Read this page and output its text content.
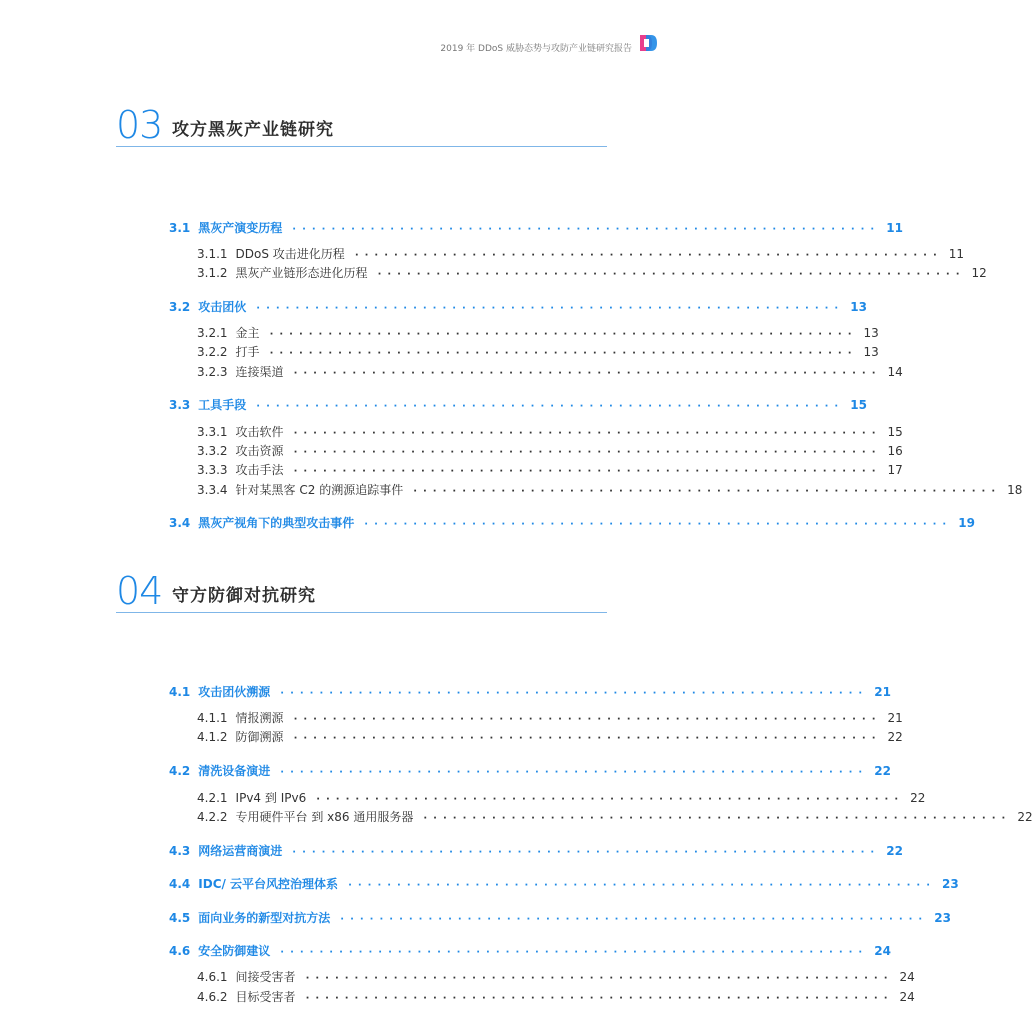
2019 年 DDoS 威胁态势与攻防产业链研究报告
03 攻方黑灰产业链研究
3.1 黑灰产演变历程 ···························································· 11
3.1.1 DDoS 攻击进化历程 ···························································· 11
3.1.2 黑灰产业链形态进化历程 ···························································· 12
3.2 攻击团伙 ···························································· 13
3.2.1 金主 ···························································· 13
3.2.2 打手 ···························································· 13
3.2.3 连接渠道 ···························································· 14
3.3 工具手段 ···························································· 15
3.3.1 攻击软件 ···························································· 15
3.3.2 攻击资源 ···························································· 16
3.3.3 攻击手法 ···························································· 17
3.3.4 针对某黑客 C2 的溯源追踪事件 ···························································· 18
3.4 黑灰产视角下的典型攻击事件 ···························································· 19
04 守方防御对抗研究
4.1 攻击团伙溯源 ···························································· 21
4.1.1 情报溯源 ···························································· 21
4.1.2 防御溯源 ···························································· 22
4.2 清洗设备演进 ···························································· 22
4.2.1 IPv4 到 IPv6 ···························································· 22
4.2.2 专用硬件平台 到 x86 通用服务器 ···························································· 22
4.3 网络运营商演进 ···························································· 22
4.4 IDC/ 云平台风控治理体系 ···························································· 23
4.5 面向业务的新型对抗方法 ···························································· 23
4.6 安全防御建议 ···························································· 24
4.6.1 间接受害者 ···························································· 24
4.6.2 目标受害者 ···························································· 24
